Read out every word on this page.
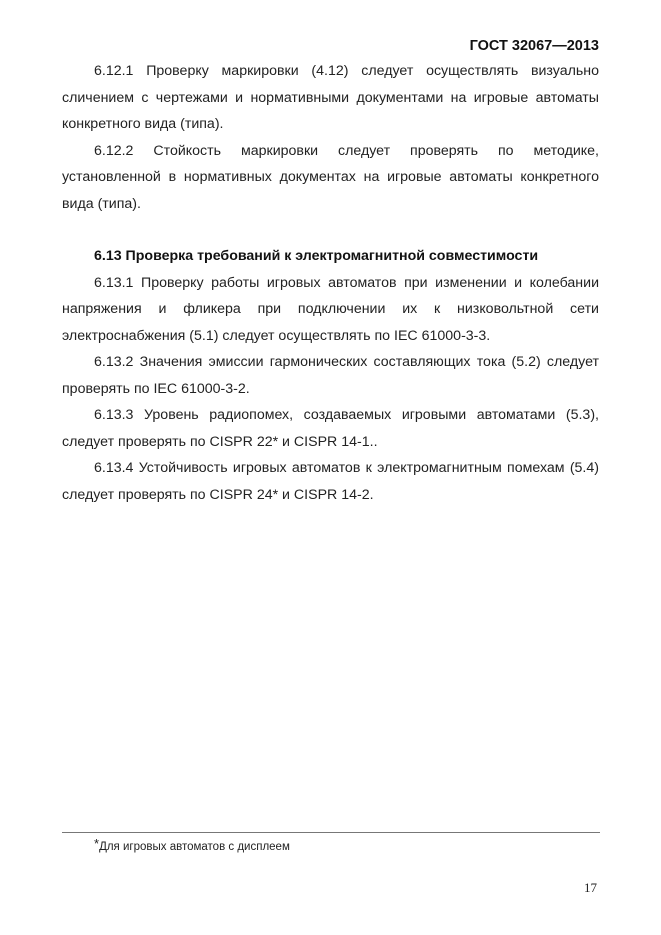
ГОСТ 32067—2013

6.12.1 Проверку маркировки (4.12) следует осуществлять визуально сличением с чертежами и нормативными документами на игровые автоматы конкретного вида (типа).

6.12.2 Стойкость маркировки следует проверять по методике, установленной в нормативных документах на игровые автоматы конкретного вида (типа).

6.13 Проверка требований к электромагнитной совместимости

6.13.1 Проверку работы игровых автоматов при изменении и колебании напряжения и фликера при подключении их к низковольтной сети электроснабжения (5.1) следует осуществлять по IEC 61000-3-3.

6.13.2 Значения эмиссии гармонических составляющих тока (5.2) следует проверять по IEC 61000-3-2.

6.13.3 Уровень радиопомех, создаваемых игровыми автоматами (5.3), следует проверять по CISPR 22* и CISPR 14-1..

6.13.4 Устойчивость игровых автоматов к электромагнитным помехам (5.4) следует проверять по CISPR 24* и CISPR 14-2.

*Для игровых автоматов с дисплеем
17
